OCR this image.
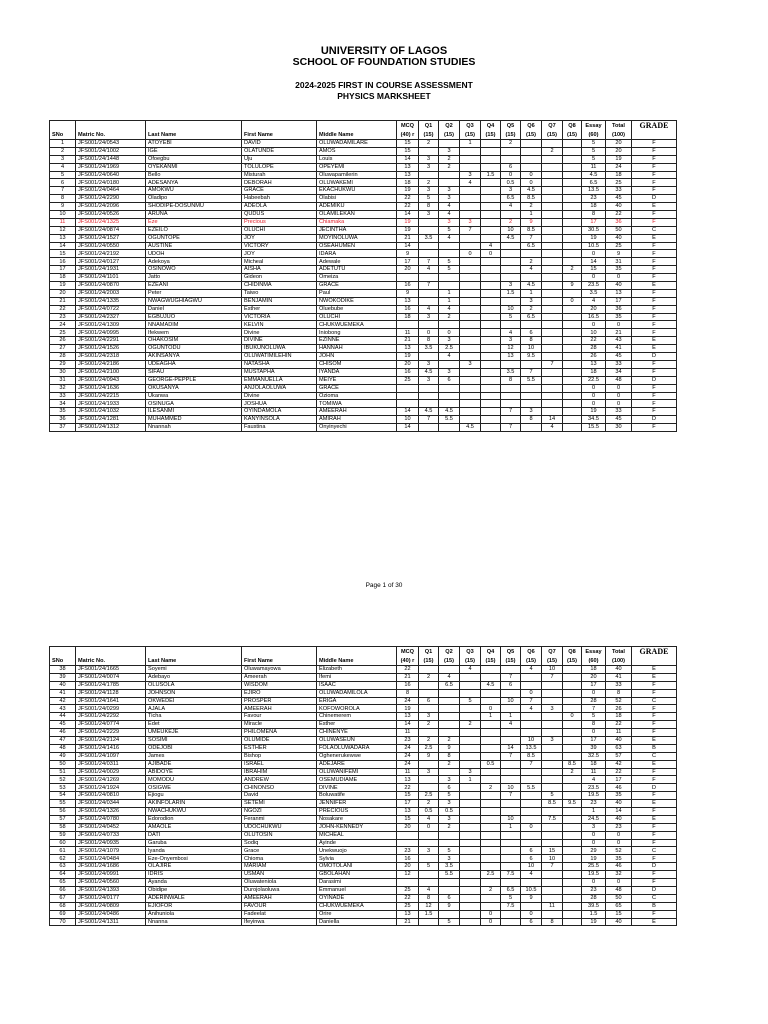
UNIVERSITY OF LAGOS
SCHOOL OF FOUNDATION STUDIES
2024-2025 FIRST IN COURSE ASSESSMENT
PHYSICS MARKSHEET
					MCQ	Q1	Q2	Q3	Q4	Q5	Q6	Q7	Q8	Essay	Total	GRADE
SNo	Matric No.	Last Name	First Name	Middle Name	(40) r	(15)	(15)	(15)	(15)	(15)	(15)	(15)	(15)	(60)	(100)	
1	JFS001/24/0543	ATOYEBI	DAVID	OLUWADAMILARE	15	2		1		2				5	20	F
2	JFS001/24/1002	IGE	OLATUNDE	AMOS	15		3					2		5	20	F
3	JFS001/24/1448	Ofoegbu	Uju	Louis	14	3	2							5	19	F
4	JFS001/24/1969	OYEKANMI	TOLULOPE	OPEYEMI	13	3	2			6				11	24	F
5	JFS001/24/0640	Bello	Misturah	Oluwapamilerin	13			3	1.5	0	0			4.5	18	F
6	JFS001/24/0180	ADESANYA	DEBORAH	OLUWAKEMI	18	2		4		0.5	0			6.5	25	F
7	JFS001/24/0464	AMOKWU	GRACE	EKACHUKWU	19	3	3			3	4.5			13.5	33	F
8	JFS001/24/2290	Oladipo	Habeebah	Olabisi	22	5	3			6.5	8.5			23	45	D
9	JFS001/24/2096	SHODIPE-DOSUNMU	ADEOLA	ADEMIKU	22	8	4			4	2			18	40	E
10	JFS001/24/0526	ARUNA	QUDUS	OLAMILEKAN	14	3	4				1			8	22	F
11	JFS001/24/1325	Eze	Precious	Chiamaka	19		3	3		2	9			17	36	F
12	JFS001/24/0874	EZEILO	OLUCHI	JECINTHA	19		5	7		10	8.5			30.5	50	C
13	JFS001/24/1527	OGUNTOPE	JOY	MOYINOLUWA	21	3.5	4			4.5	7			19	40	E
14	JFS001/24/0550	AUSTINE	VICTORY	OSEAHUMEN	14				4		6.5			10.5	25	F
15	JFS001/24/2192	UDOH	JOY	IDARA	9			0	0					0	9	F
16	JFS001/24/0127	Adekoya	Micheal	Adewale	17	7	5				2			14	31	F
17	JFS001/24/1931	OSINOWO	AISHA	ADETUTU	20	4	5				4		2	15	35	F
18	JFS001/24/1101	Jatto	Gideon	Omeiza										0	0	F
19	JFS001/24/0870	EZEANI	CHIDINMA	GRACE	16	7				3	4.5		9	23.5	40	E
20	JFS001/24/2003	Peter	Taiwo	Paul	9		1			1.5	1			3.5	13	F
21	JFS001/24/1335	NWAGWUGHIAGWU	BENJAMIN	NWOKODIKE	13		1				3		0	4	17	F
22	JFS001/24/0722	Daniel	Esther	Oluebube	16	4	4			10	2			20	36	F
23	JFS001/24/2327	EGBUJUO	VICTORIA	OLUCHI	18	3	2			5	6.5			16.5	35	F
24	JFS001/24/1309	NNAMADIM	KELVIN	CHUKWUEMEKA										0	0	F
25	JFS001/24/0995	Ifekwem	Divine	Iniobong	11	0	0			4	6			10	21	F
26	JFS001/24/2291	OHAKOSIM	DIVINE	EZINNE	21	8	3			3	8			22	43	E
27	JFS001/24/1526	OGUNTODU	IBUKUNOLUWA	HANNAH	13	3.5	2.5			12	10			28	41	E
28	JFS001/24/2318	AKINSANYA	OLUWATIMILEHIN	JOHN	19		4			13	9.5			26	45	D
29	JFS001/24/2186	UDEAGHA	NATASHA	CHISOM	20	3		3				7		13	33	F
30	JFS001/24/2100	SIFAU	MUSTAPHA	IYANDA	16	4.5	3			3.5	7			18	34	F
31	JFS001/24/0943	GEORGE-PEPPLE	EMMANUELLA	MEIYE	25	3	6			8	5.5			22.5	48	D
32	JFS001/24/1636	OKUSANYA	ANJOLAOLUWA	GRACE										0	0	F
33	JFS001/24/2215	Ukanwa	Divine	Ozioma										0	0	F
34	JFS001/24/1933	OSINUGA	JOSHUA	TOMIWA										0	0	F
35	JFS001/24/1032	ILESANMI	OYINDAMOLA	AMEERAH	14	4.5	4.5			7	3			19	33	F
36	JFS001/24/1281	MUHAMMED	KANYINSOLA	AMIRAH	10	7	5.5				8	14		34.5	45	D
37	JFS001/24/1312	Nnannah	Faustina	Onyinyechi	14			4.5		7		4		15.5	30	F
Page 1 of 30
					MCQ	Q1	Q2	Q3	Q4	Q5	Q6	Q7	Q8	Essay	Total	GRADE
SNo	Matric No.	Last Name	First Name	Middle Name	(40) r	(15)	(15)	(15)	(15)	(15)	(15)	(15)	(15)	(60)	(100)	
38	JFS001/24/1665	Soyemi	Oluwamayowa	Elizabeth	22			4			4	10		18	40	E
39	JFS001/24/0074	Adebayo	Ameerah	Ifemi	21	2	4			7		7		20	41	E
40	JFS001/24/1785	OLUSOLA	WISDOM	ISAAC	16		6.5		4.5	6				17	33	F
41	JFS001/24/1128	JOHNSON	EJIRO	OLUWADAMILOLA	8						0			0	8	F
42	JFS001/24/1641	OKWEDEI	PROSPER	ERIGA	24	6		5		10	7			28	52	C
43	JFS001/24/0299	AJALA	AMEERAH	KOFOWOROLA	19				0		4	3		7	26	F
44	JFS001/24/2292	Ticha	Favour	Chinemerem	13	3			1	1			0	5	18	F
45	JFS001/24/0774	Edet	Miracle	Esther	14	2		2		4				8	22	F
46	JFS001/24/2229	UMEUKEJE	PHILOMENA	CHINENYE	11									0	11	F
47	JFS001/24/2124	SOSIMI	OLUMIDE	OLUWASEUN	23	2	2				10	3		17	40	E
48	JFS001/24/1416	ODEJOBI	ESTHER	FOLAOLUWADARA	24	2.5	9			14	13.5			39	63	B
49	JFS001/24/1097	James	Bishop	Oghenerukewwe	24	9	8			7	8.5			32.5	57	C
50	JFS001/24/0311	AJIBADE	ISRAEL	ADEJARE	24		2		0.5		7		8.5	18	42	E
51	JFS001/24/0029	ABIDOYE	IBRAHIM	OLUWANIFEMI	11	3		3					2	11	22	F
52	JFS001/24/1269	MOMODU	ANDREW	OSEMUDIAME	13		3	1						4	17	F
53	JFS001/24/1924	OSIGWE	CHINONSO	DIVINE	22		6		2	10	5.5			23.5	46	D
54	JFS001/24/0810	Ejiogu	David	Boluwatife	15	2.5	5			7		5		19.5	35	F
55	JFS001/24/0344	AKINFOLARIN	SETEMI	JENNIFER	17	2	3					8.5	9.5	23	40	E
56	JFS001/24/1326	NWACHUKWU	NGOZI	PRECIOUS	13	0.5	0.5							1	14	F
57	JFS001/24/0780	Edorodion	Feranmi	Nosakare	15	4	3			10		7.5		24.5	40	E
58	JFS001/24/0452	AMAOLE	UDOCHUKWU	JOHN-KENNEDY	20	0	2			1	0			3	23	F
59	JFS001/24/0733	DATI	OLUTOSIN	MICHEAL										0	0	F
60	JFS001/24/0935	Garuba	Sodiq	Ayinde										0	0	F
61	JFS001/24/1079	Iyanda	Grace	Unekwuojo	23	3	5				6	15		29	52	C
62	JFS001/24/0484	Eze-Onyembosi	Chioma	Sylvia	16		3				6	10		19	35	F
63	JFS001/24/1686	OLAJIRE	MARIAM	OMOTOLANI	20	5	3.5				10	7		25.5	46	D
64	JFS001/24/0991	IDRIS	USMAN	GBOLAHAN	12		5.5		2.5	7.5	4			19.5	32	F
65	JFS001/24/0560	Ayanda	Oluwateniola	Darasimi										0	0	F
66	JFS001/24/1393	Obidipe	Durojolaoluwa	Emmanuel	25	4			2	6.5	10.5			23	48	D
67	JFS001/24/0177	ADERINWALE	AMEERAH	OYINADE	22	8	6			5	9			28	50	C
68	JFS001/24/0809	EJIOFOR	FAVOUR	CHUKWUEMEKA	25	12	9			7.5		11		39.5	65	B
69	JFS001/24/0486	Anihuniola	Fadeelat	Orire	13	1.5			0		0			1.5	15	F
70	JFS001/24/1311	Nnanna	Ifeyinwa	Daniella	21		5		0		6	8		19	40	E
